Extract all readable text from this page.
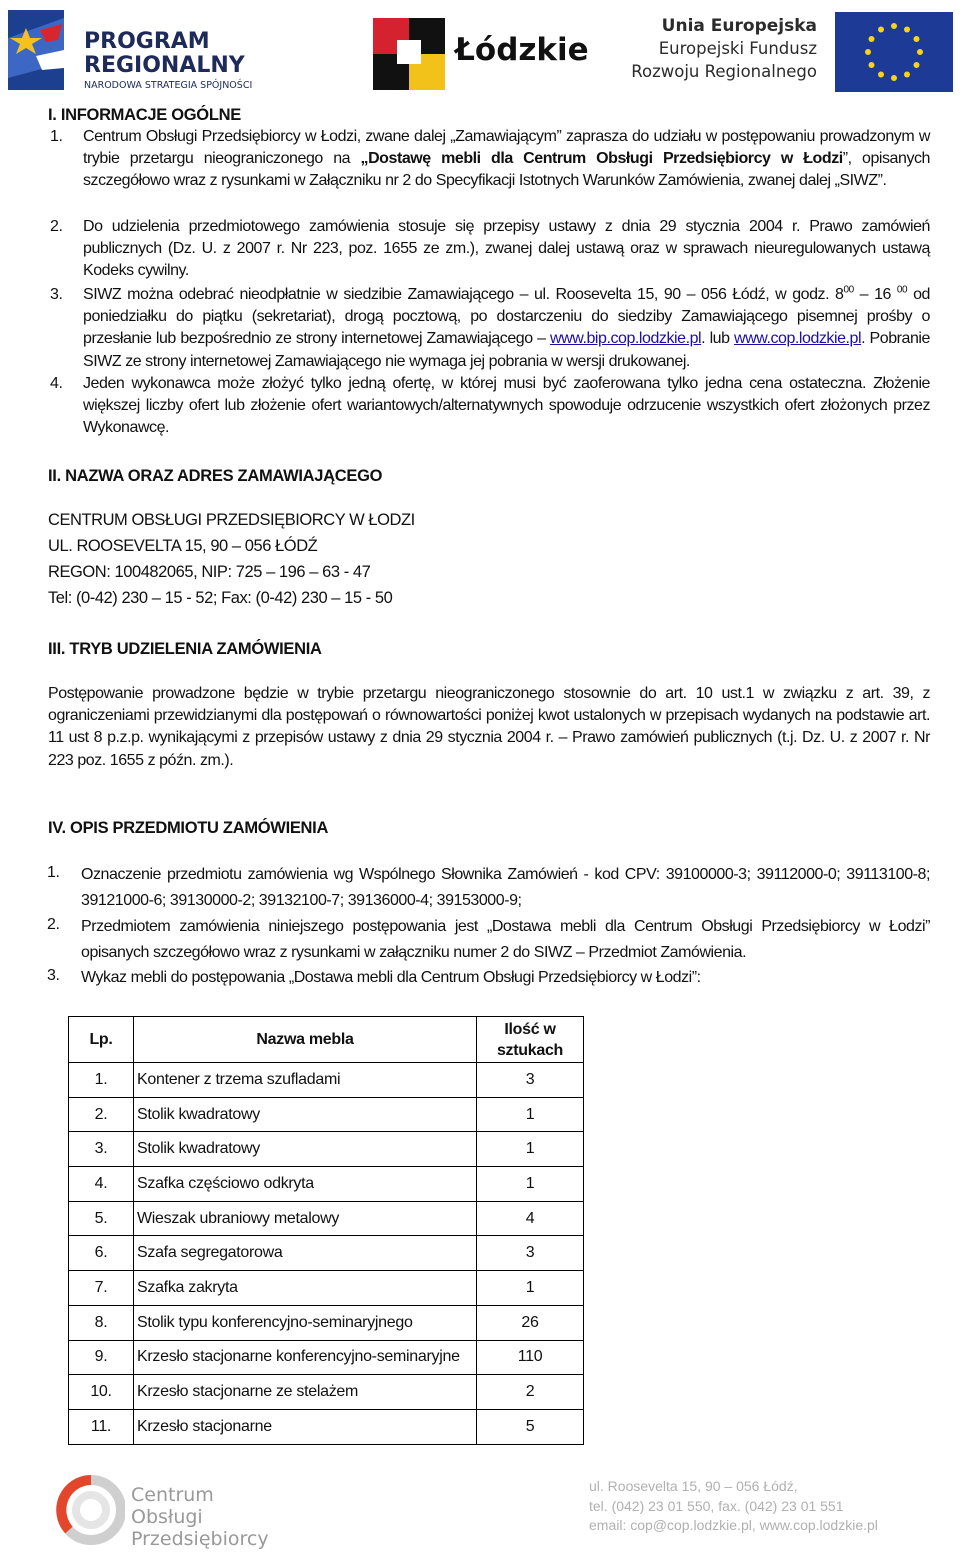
PROGRAM
REGIONALNY
NARODOWA STRATEGIA SPÓJNOŚCI
Łódzkie
Unia Europejska
Europejski Fundusz
Rozwoju Regionalnego
I. INFORMACJE OGÓLNE
1.	Centrum Obsługi Przedsiębiorcy w Łodzi, zwane dalej „Zamawiającym” zaprasza do udziału w postępowaniu prowadzonym w trybie przetargu nieograniczonego na „Dostawę mebli dla Centrum Obsługi Przedsiębiorcy w Łodzi”, opisanych szczegółowo wraz z rysunkami w Załączniku nr 2 do Specyfikacji Istotnych Warunków Zamówienia, zwanej dalej „SIWZ”.
2.	Do udzielenia przedmiotowego zamówienia stosuje się przepisy ustawy z dnia 29 stycznia 2004 r. Prawo zamówień publicznych (Dz. U. z 2007 r. Nr 223, poz. 1655 ze zm.), zwanej dalej ustawą oraz w sprawach nieuregulowanych ustawą Kodeks cywilny.
3.	SIWZ można odebrać nieodpłatnie w siedzibie Zamawiającego – ul. Roosevelta 15, 90 – 056 Łódź, w godz. $8^{00} - 16$ $^{00}$ od poniedziałku do piątku (sekretariat), drogą pocztową, po dostarczeniu do siedziby Zamawiającego pisemnej prośby o przesłanie lub bezpośrednio ze strony internetowej Zamawiającego – www.bip.cop.lodzkie.pl. lub www.cop.lodzkie.pl. Pobranie SIWZ ze strony internetowej Zamawiającego nie wymaga jej pobrania w wersji drukowanej.
4.	Jeden wykonawca może złożyć tylko jedną ofertę, w której musi być zaoferowana tylko jedna cena ostateczna. Złożenie większej liczby ofert lub złożenie ofert wariantowych/alternatywnych spowoduje odrzucenie wszystkich ofert złożonych przez Wykonawcę.
II. NAZWA ORAZ ADRES ZAMAWIAJĄCEGO
CENTRUM OBSŁUGI PRZEDSIĘBIORCY W ŁODZI
UL. ROOSEVELTA 15, 90 – 056 ŁÓDŹ
REGON: 100482065, NIP: 725 – 196 – 63 - 47
Tel: (0-42) 230 – 15 - 52; Fax: (0-42) 230 – 15 - 50
III. TRYB UDZIELENIA ZAMÓWIENIA
Postępowanie prowadzone będzie w trybie przetargu nieograniczonego stosownie do art. 10 ust.1 w związku z art. 39, z ograniczeniami przewidzianymi dla postępowań o równowartości poniżej kwot ustalonych w przepisach wydanych na podstawie art. 11 ust 8 p.z.p. wynikającymi z przepisów ustawy z dnia 29 stycznia 2004 r. – Prawo zamówień publicznych (t.j. Dz. U. z 2007 r. Nr 223 poz. 1655 z późn. zm.).
IV. OPIS PRZEDMIOTU ZAMÓWIENIA
1.	Oznaczenie przedmiotu zamówienia wg Wspólnego Słownika Zamówień - kod CPV: 39100000-3; 39112000-0; 39113100-8; 39121000-6; 39130000-2; 39132100-7; 39136000-4; 39153000-9;
2.	Przedmiotem zamówienia niniejszego postępowania jest „Dostawa mebli dla Centrum Obsługi Przedsiębiorcy w Łodzi” opisanych szczegółowo wraz z rysunkami w załączniku numer 2 do SIWZ – Przedmiot Zamówienia.
3.	Wykaz mebli do postępowania „Dostawa mebli dla Centrum Obsługi Przedsiębiorcy w Łodzi”:
Lp.	Nazwa mebla	Ilość w sztukach
1.	Kontener z trzema szufladami	3
2.	Stolik kwadratowy	1
3.	Stolik kwadratowy	1
4.	Szafka częściowo odkryta	1
5.	Wieszak ubraniowy metalowy	4
6.	Szafa segregatorowa	3
7.	Szafka zakryta	1
8.	Stolik typu konferencyjno-seminaryjnego	26
9.	Krzesło stacjonarne konferencyjno-seminaryjne	110
10.	Krzesło stacjonarne ze stelażem	2
11.	Krzesło stacjonarne	5
Centrum
Obsługi
Przedsiębiorcy
ul. Roosevelta 15, 90 – 056 Łódź,
tel. (042) 23 01 550, fax. (042) 23 01 551
email: cop@cop.lodzkie.pl, www.cop.lodzkie.pl
